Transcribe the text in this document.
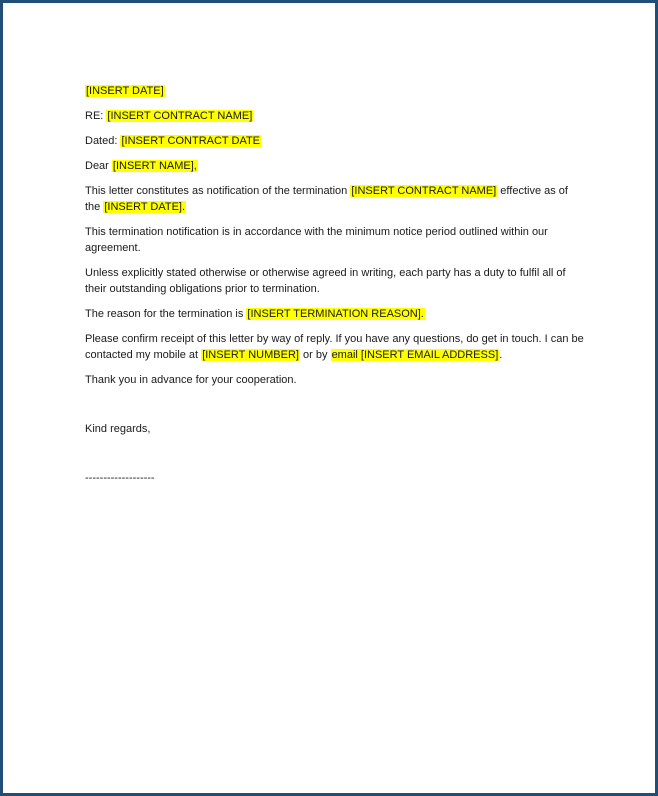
[INSERT DATE]

RE: [INSERT CONTRACT NAME]

Dated: [INSERT CONTRACT DATE

Dear [INSERT NAME],

This letter constitutes as notification of the termination [INSERT CONTRACT NAME] effective as of the [INSERT DATE].

This termination notification is in accordance with the minimum notice period outlined within our agreement.

Unless explicitly stated otherwise or otherwise agreed in writing, each party has a duty to fulfil all of their outstanding obligations prior to termination.

The reason for the termination is [INSERT TERMINATION REASON].

Please confirm receipt of this letter by way of reply. If you have any questions, do get in touch. I can be contacted my mobile at [INSERT NUMBER] or by email [INSERT EMAIL ADDRESS].

Thank you in advance for your cooperation.

Kind regards,

-------------------
